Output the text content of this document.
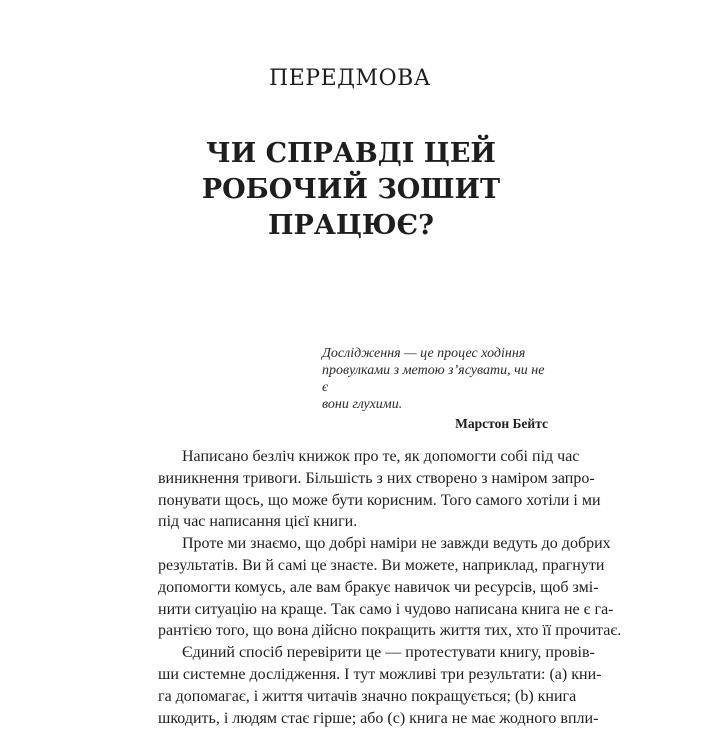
ПЕРЕДМОВА
ЧИ СПРАВДІ ЦЕЙ
РОБОЧИЙ ЗОШИТ
ПРАЦЮЄ?

Дослідження — це процес ходіння
провулками з метою з’ясувати, чи не є
вони глухими.

Марстон Бейтс

Написано безліч книжок про те, як допомогти собі під час
виникнення тривоги. Більшість з них створено з наміром запро-
понувати щось, що може бути корисним. Того самого хотіли і ми
під час написання цієї книги.
Проте ми знаємо, що добрі наміри не завжди ведуть до добрих
результатів. Ви й самі це знаєте. Ви можете, наприклад, прагнути
допомогти комусь, але вам бракує навичок чи ресурсів, щоб змі-
нити ситуацію на краще. Так само і чудово написана книга не є га-
рантією того, що вона дійсно покращить життя тих, хто її прочитає.
Єдиний спосіб перевірити це — протестувати книгу, провів-
ши системне дослідження. І тут можливі три результати: (а) кни-
га допомагає, і життя читачів значно покращується; (b) книга
шкодить, і людям стає гірше; або (c) книга не має жодного впли-
